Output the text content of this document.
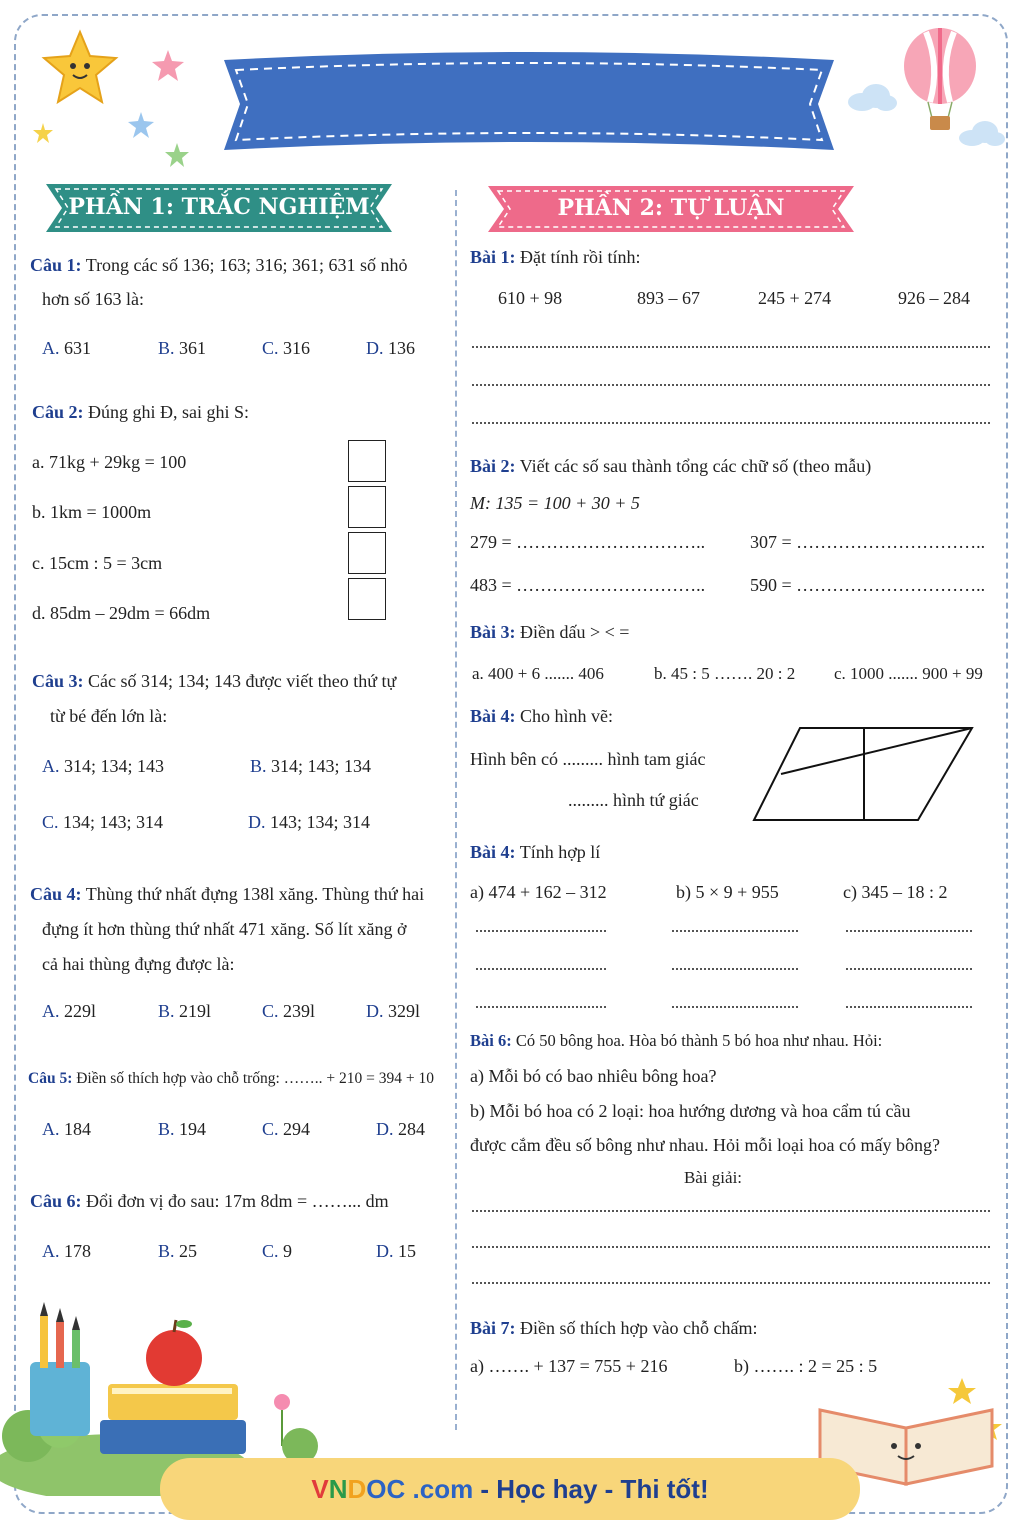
PHẦN 1: TRẮC NGHIỆM	PHẦN 2: TỰ LUẬN
Câu 1: Trong các số 136; 163; 316; 361; 631 số nhỏ
hơn số 163 là:
A. 631	B. 361	C. 316	D. 136
Câu 2: Đúng ghi Đ, sai ghi S:
a. 71kg + 29kg = 100
b. 1km = 1000m
c. 15cm : 5 = 3cm
d. 85dm – 29dm = 66dm
Câu 3: Các số 314; 134; 143 được viết theo thứ tự
từ bé đến lớn là:
A. 314; 134; 143	B. 314; 143; 134
C. 134; 143; 314	D. 143; 134; 314
Câu 4: Thùng thứ nhất đựng 138l xăng. Thùng thứ hai
đựng ít hơn thùng thứ nhất 471 xăng. Số lít xăng ở
cả hai thùng đựng được là:
A. 229l	B. 219l	C. 239l	D. 329l
Câu 5: Điền số thích hợp vào chỗ trống: …….. + 210 = 394 + 10
A. 184	B. 194	C. 294	D. 284
Câu 6: Đổi đơn vị đo sau: 17m 8dm = ……... dm
A. 178	B. 25	C. 9	D. 15
Bài 1: Đặt tính rồi tính:
610 + 98	893 – 67	245 + 274	926 – 284
Bài 2: Viết các số sau thành tổng các chữ số (theo mẫu)
M: 135 = 100 + 30 + 5
279 = ………………………….. 307 = …………………………..
483 = ………………………….. 590 = …………………………..
Bài 3: Điền dấu > < =
a. 400 + 6 ....... 406	b. 45 : 5 ……. 20 : 2 c. 1000 ....... 900 + 99
Bài 4: Cho hình vẽ:
Hình bên có ......... hình tam giác
......... hình tứ giác
Bài 4: Tính hợp lí
a) 474 + 162 – 312	b) 5 × 9 + 955	c) 345 – 18 : 2
Bài 6: Có 50 bông hoa. Hòa bó thành 5 bó hoa như nhau. Hỏi:
a) Mỗi bó có bao nhiêu bông hoa?
b) Mỗi bó hoa có 2 loại: hoa hướng dương và hoa cẩm tú cầu
được cắm đều số bông như nhau. Hỏi mỗi loại hoa có mấy bông?
Bài giải:
Bài 7: Điền số thích hợp vào chỗ chấm:
a) ……. + 137 = 755 + 216	b) ……. : 2 = 25 : 5
VNDOC .com - Học hay - Thi tốt!
